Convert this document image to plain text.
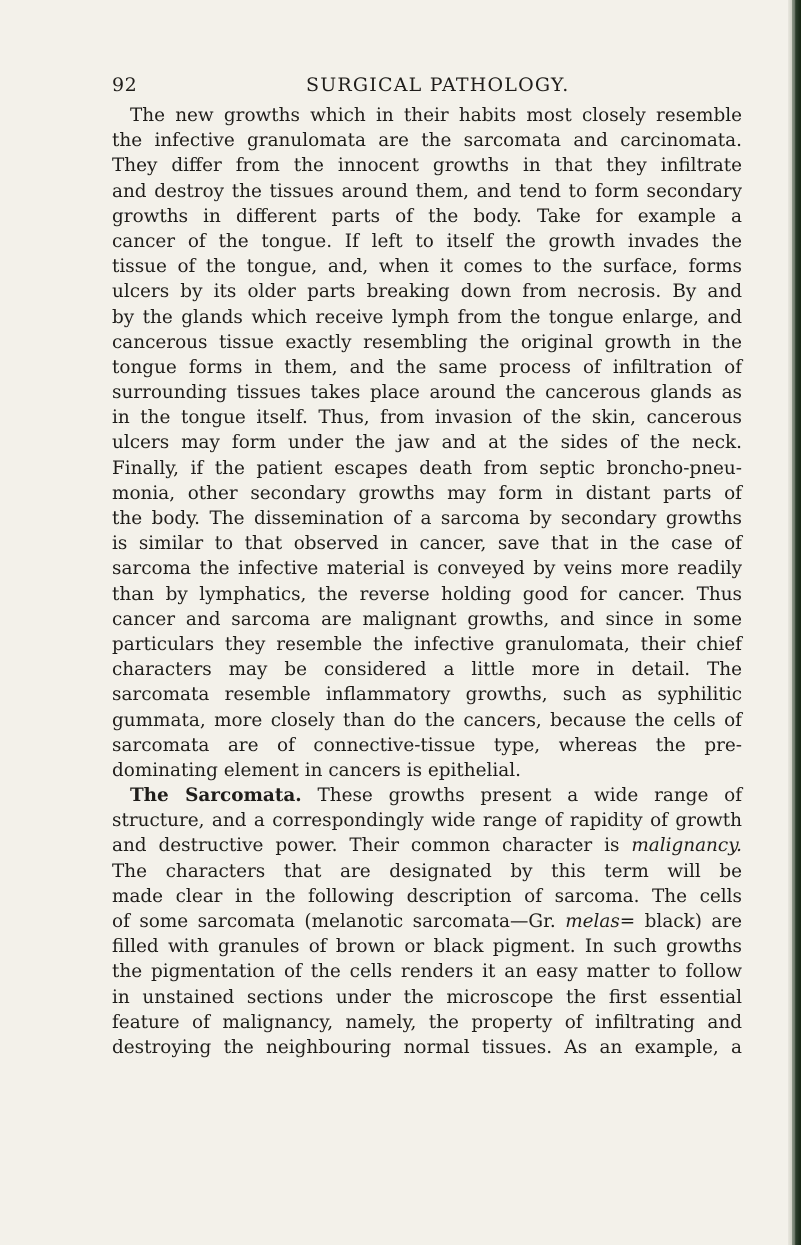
92	SURGICAL PATHOLOGY.
The new growths which in their habits most closely resemble
the infective granulomata are the sarcomata and carcinomata.
They differ from the innocent growths in that they infiltrate
and destroy the tissues around them, and tend to form secondary
growths in different parts of the body. Take for example a
cancer of the tongue. If left to itself the growth invades the
tissue of the tongue, and, when it comes to the surface, forms
ulcers by its older parts breaking down from necrosis. By and
by the glands which receive lymph from the tongue enlarge, and
cancerous tissue exactly resembling the original growth in the
tongue forms in them, and the same process of infiltration of
surrounding tissues takes place around the cancerous glands as
in the tongue itself. Thus, from invasion of the skin, cancerous
ulcers may form under the jaw and at the sides of the neck.
Finally, if the patient escapes death from septic broncho-pneu-
monia, other secondary growths may form in distant parts of
the body. The dissemination of a sarcoma by secondary growths
is similar to that observed in cancer, save that in the case of
sarcoma the infective material is conveyed by veins more readily
than by lymphatics, the reverse holding good for cancer. Thus
cancer and sarcoma are malignant growths, and since in some
particulars they resemble the infective granulomata, their chief
characters may be considered a little more in detail. The
sarcomata resemble inflammatory growths, such as syphilitic
gummata, more closely than do the cancers, because the cells of
sarcomata are of connective-tissue type, whereas the pre-
dominating element in cancers is epithelial.
The Sarcomata. These growths present a wide range of
structure, and a correspondingly wide range of rapidity of growth
and destructive power. Their common character is malignancy.
The characters that are designated by this term will be
made clear in the following description of sarcoma. The cells
of some sarcomata (melanotic sarcomata—Gr. melas= black) are
filled with granules of brown or black pigment. In such growths
the pigmentation of the cells renders it an easy matter to follow
in unstained sections under the microscope the first essential
feature of malignancy, namely, the property of infiltrating and
destroying the neighbouring normal tissues. As an example, a
